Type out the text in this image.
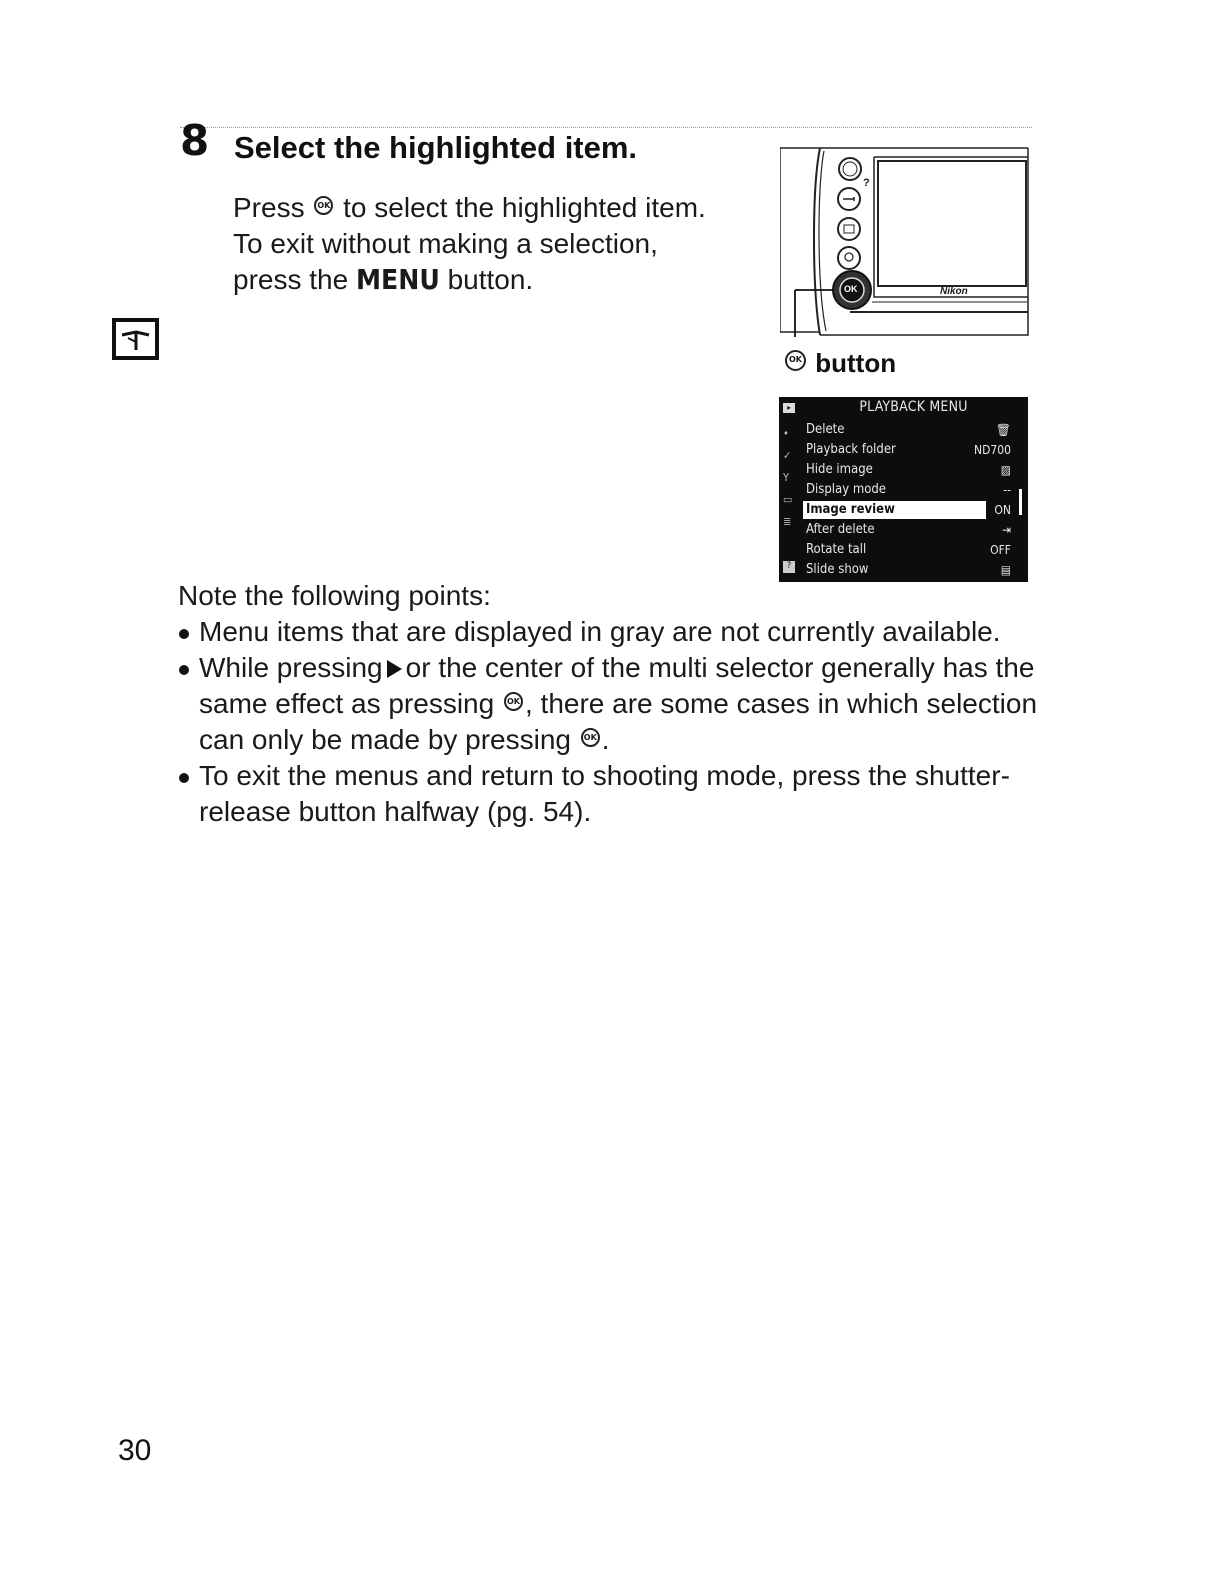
8 Select the highlighted item.
Press OK to select the highlighted item.
To exit without making a selection,
press the MENU button.
?
OK	Nikon
OK button
PLAYBACK MENU
▸
•
✓
Y
▭
≣
?
Delete	🗑
Playback folder	ND700
Hide image	▨
Display mode	--
Image review	ON
After delete	⇥
Rotate tall	OFF
Slide show	▤

Note the following points:

Menu items that are displayed in gray are not currently available.
While pressing or the center of the multi selector generally has the same effect as pressing OK , there are some cases in which selection can only be made by pressing OK .
To exit the menus and return to shooting mode, press the shutter-release button halfway (pg. 54).
30
